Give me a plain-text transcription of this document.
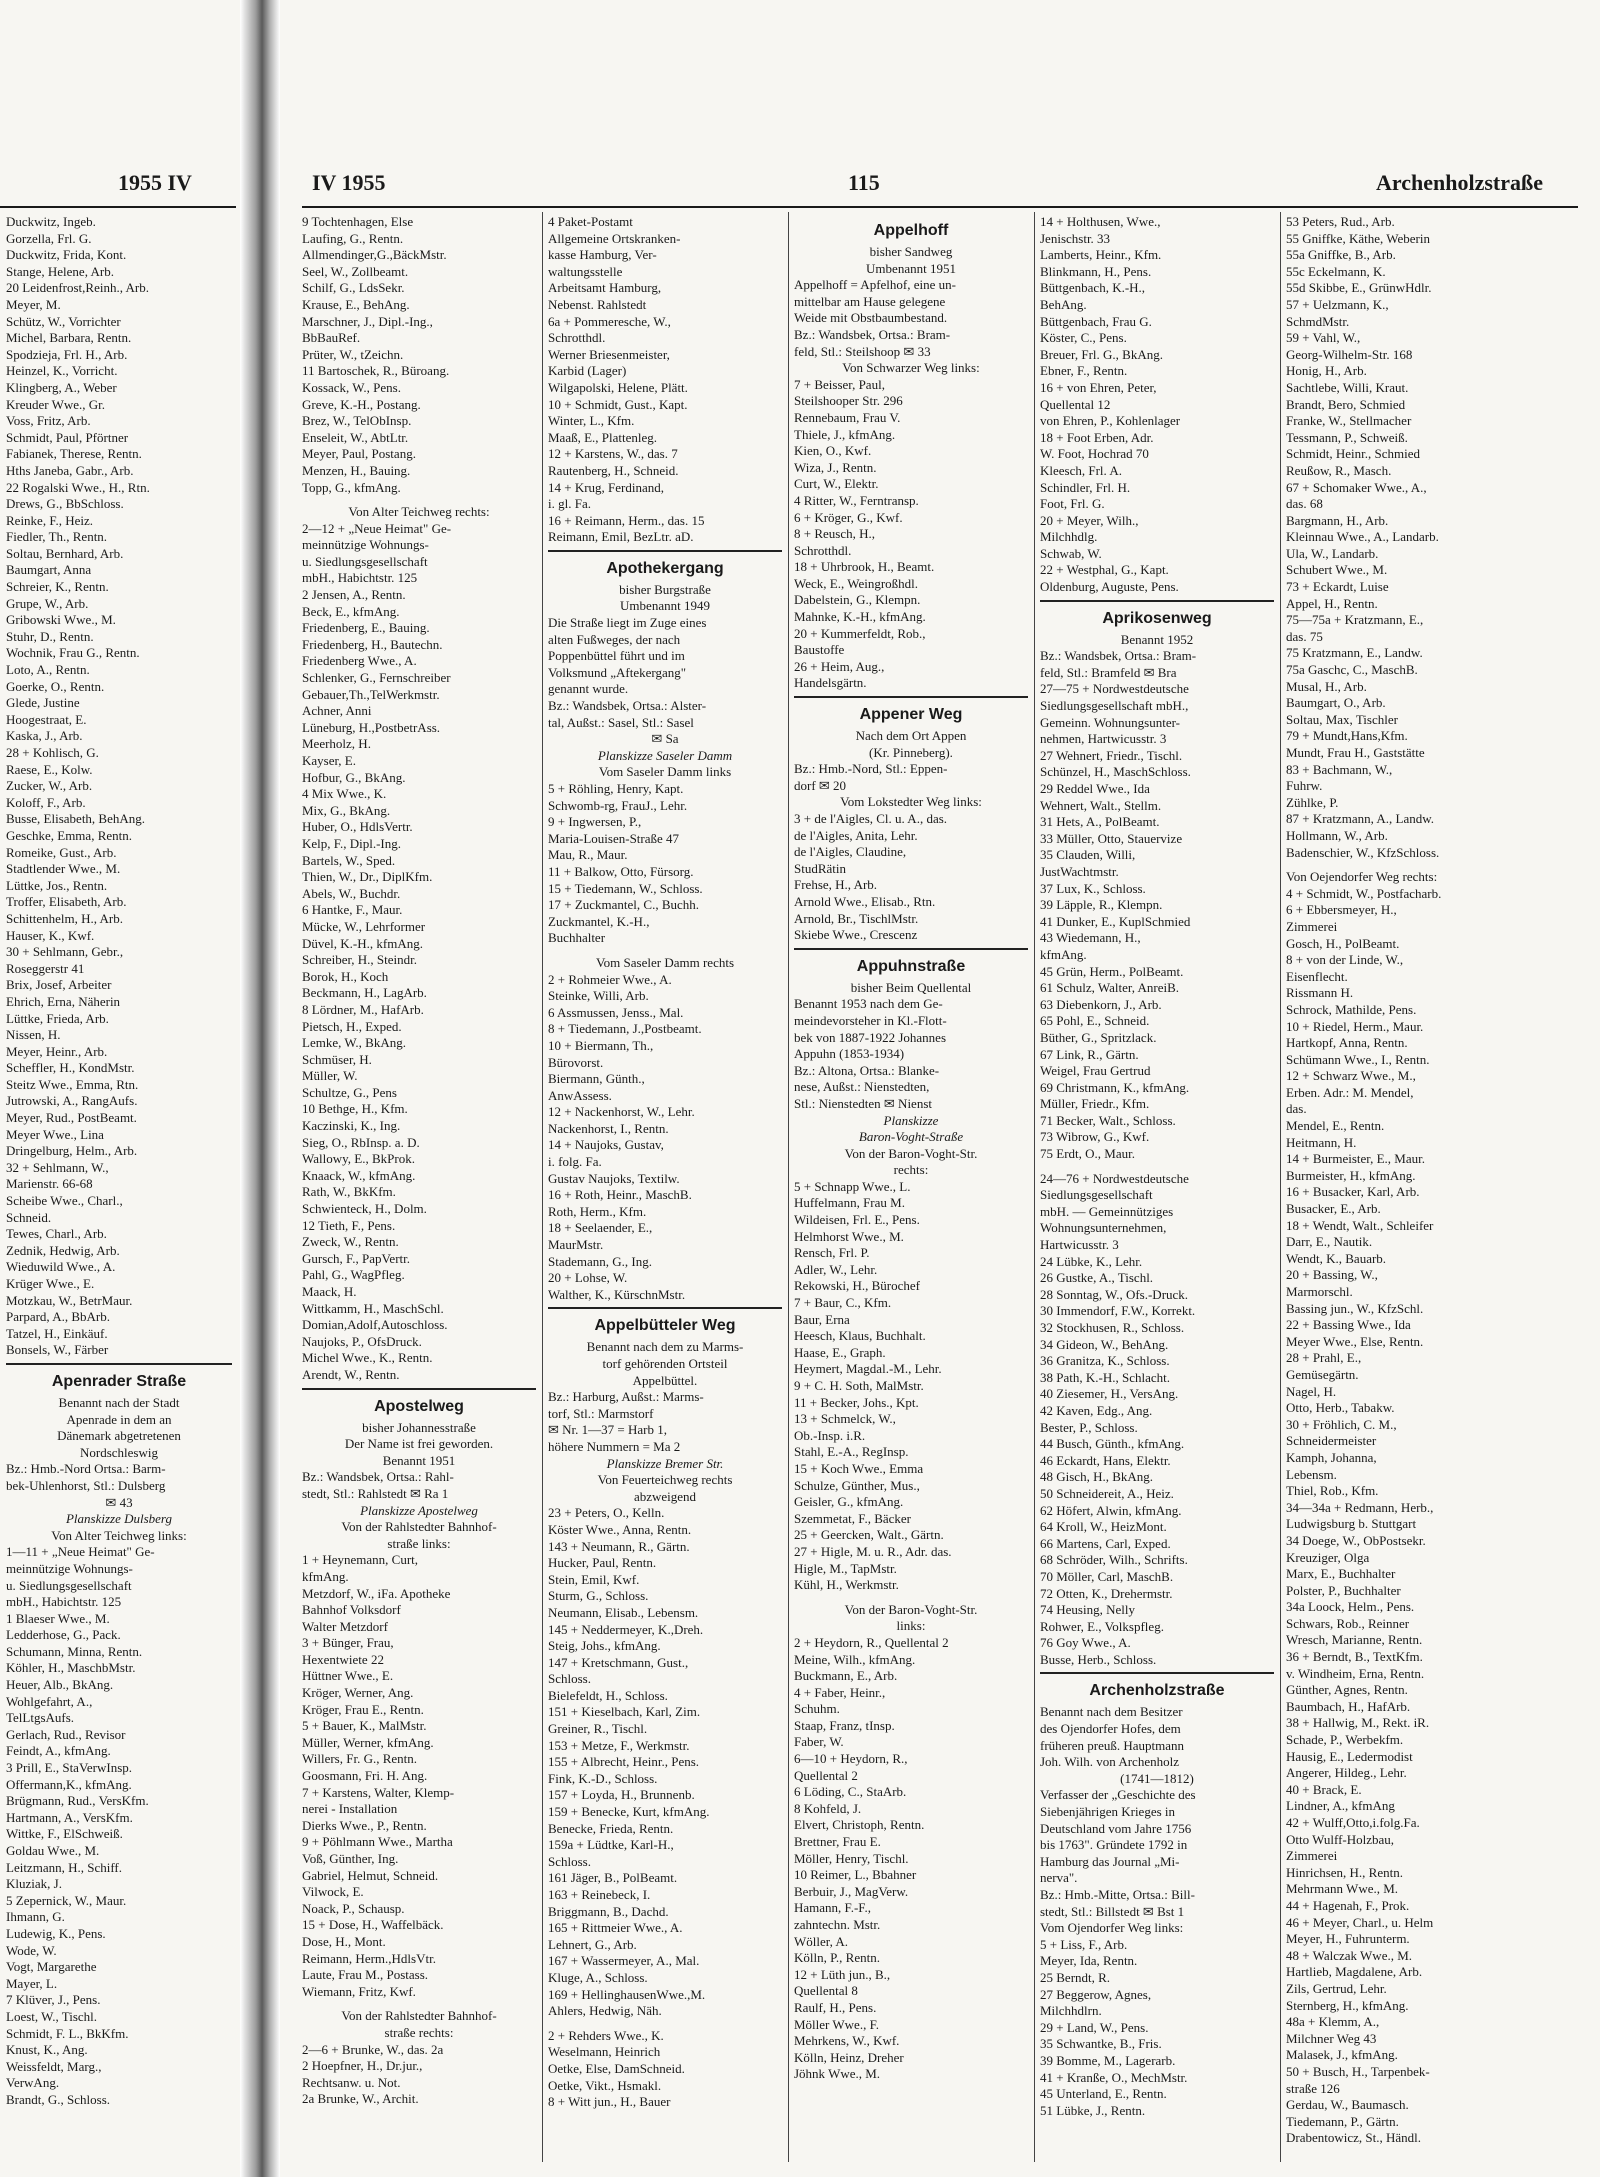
1955 IV

Duckwitz, Ingeb.

Gorzella, Frl. G.

Duckwitz, Frida, Kont.

Stange, Helene, Arb.

20 Leidenfrost,Reinh., Arb.

Meyer, M.

Schütz, W., Vorrichter

Michel, Barbara, Rentn.

Spodzieja, Frl. H., Arb.

Heinzel, K., Vorricht.

Klingberg, A., Weber

Kreuder Wwe., Gr.

Voss, Fritz, Arb.

Schmidt, Paul, Pförtner

Fabianek, Therese, Rentn.

Hths Janeba, Gabr., Arb.

22 Rogalski Wwe., H., Rtn.

Drews, G., BbSchloss.

Reinke, F., Heiz.

Fiedler, Th., Rentn.

Soltau, Bernhard, Arb.

Baumgart, Anna

Schreier, K., Rentn.

Grupe, W., Arb.

Gribowski Wwe., M.

Stuhr, D., Rentn.

Wochnik, Frau G., Rentn.

Loto, A., Rentn.

Goerke, O., Rentn.

Glede, Justine

Hoogestraat, E.

Kaska, J., Arb.

28 + Kohlisch, G.

Raese, E., Kolw.

Zucker, W., Arb.

Koloff, F., Arb.

Busse, Elisabeth, BehAng.

Geschke, Emma, Rentn.

Romeike, Gust., Arb.

Stadtlender Wwe., M.

Lüttke, Jos., Rentn.

Troffer, Elisabeth, Arb.

Schittenhelm, H., Arb.

Hauser, K., Kwf.

30 + Sehlmann, Gebr.,

Roseggerstr 41

Brix, Josef, Arbeiter

Ehrich, Erna, Näherin

Lüttke, Frieda, Arb.

Nissen, H.

Meyer, Heinr., Arb.

Scheffler, H., KondMstr.

Steitz Wwe., Emma, Rtn.

Jutrowski, A., RangAufs.

Meyer, Rud., PostBeamt.

Meyer Wwe., Lina

Dringelburg, Helm., Arb.

32 + Sehlmann, W.,

Marienstr. 66-68

Scheibe Wwe., Charl.,

Schneid.

Tewes, Charl., Arb.

Zednik, Hedwig, Arb.

Wieduwild Wwe., A.

Krüger Wwe., E.

Motzkau, W., BetrMaur.

Parpard, A., BbArb.

Tatzel, H., Einkäuf.

Bonsels, W., Färber

Apenrader Straße

Benannt nach der Stadt

Apenrade in dem an

Dänemark abgetretenen

Nordschleswig

Bz.: Hmb.-Nord Ortsa.: Barm-

bek-Uhlenhorst, Stl.: Dulsberg

✉ 43

Planskizze Dulsberg

Von Alter Teichweg links:

1—11 + „Neue Heimat" Ge-

meinnützige Wohnungs-

u. Siedlungsgesellschaft

mbH., Habichtstr. 125

1 Blaeser Wwe., M.

Ledderhose, G., Pack.

Schumann, Minna, Rentn.

Köhler, H., MaschbMstr.

Heuer, Alb., BkAng.

Wohlgefahrt, A.,

TelLtgsAufs.

Gerlach, Rud., Revisor

Feindt, A., kfmAng.

3 Prill, E., StaVerwInsp.

Offermann,K., kfmAng.

Brügmann, Rud., VersKfm.

Hartmann, A., VersKfm.

Wittke, F., ElSchweiß.

Goldau Wwe., M.

Leitzmann, H., Schiff.

Kluziak, J.

5 Zepernick, W., Maur.

Ihmann, G.

Ludewig, K., Pens.

Wode, W.

Vogt, Margarethe

Mayer, L.

7 Klüver, J., Pens.

Loest, W., Tischl.

Schmidt, F. L., BkKfm.

Knust, K., Ang.

Weissfeldt, Marg.,

VerwAng.

Brandt, G., Schloss.

IV 1955	115	Archenholzstraße

9 Tochtenhagen, Else

Laufing, G., Rentn.

Allmendinger,G.,BäckMstr.

Seel, W., Zollbeamt.

Schilf, G., LdsSekr.

Krause, E., BehAng.

Marschner, J., Dipl.-Ing.,

BbBauRef.

Prüter, W., tZeichn.

11 Bartoschek, R., Büroang.

Kossack, W., Pens.

Greve, K.-H., Postang.

Brez, W., TelObInsp.

Enseleit, W., AbtLtr.

Meyer, Paul, Postang.

Menzen, H., Bauing.

Topp, G., kfmAng.

Von Alter Teichweg rechts:

2—12 + „Neue Heimat" Ge-

meinnützige Wohnungs-

u. Siedlungsgesellschaft

mbH., Habichtstr. 125

2 Jensen, A., Rentn.

Beck, E., kfmAng.

Friedenberg, E., Bauing.

Friedenberg, H., Bautechn.

Friedenberg Wwe., A.

Schlenker, G., Fernschreiber

Gebauer,Th.,TelWerkmstr.

Achner, Anni

Lüneburg, H.,PostbetrAss.

Meerholz, H.

Kayser, E.

Hofbur, G., BkAng.

4 Mix Wwe., K.

Mix, G., BkAng.

Huber, O., HdlsVertr.

Kelp, F., Dipl.-Ing.

Bartels, W., Sped.

Thien, W., Dr., DiplKfm.

Abels, W., Buchdr.

6 Hantke, F., Maur.

Mücke, W., Lehrformer

Düvel, K.-H., kfmAng.

Schreiber, H., Steindr.

Borok, H., Koch

Beckmann, H., LagArb.

8 Lördner, M., HafArb.

Pietsch, H., Exped.

Lemke, W., BkAng.

Schmüser, H.

Müller, W.

Schultze, G., Pens

10 Bethge, H., Kfm.

Kaczinski, K., Ing.

Sieg, O., RbInsp. a. D.

Wallowy, E., BkProk.

Knaack, W., kfmAng.

Rath, W., BkKfm.

Schwienteck, H., Dolm.

12 Tieth, F., Pens.

Zweck, W., Rentn.

Gursch, F., PapVertr.

Pahl, G., WagPfleg.

Maack, H.

Wittkamm, H., MaschSchl.

Domian,Adolf,Autoschloss.

Naujoks, P., OfsDruck.

Michel Wwe., K., Rentn.

Arendt, W., Rentn.

Apostelweg

bisher Johannesstraße

Der Name ist frei geworden.

Benannt 1951

Bz.: Wandsbek, Ortsa.: Rahl-

stedt, Stl.: Rahlstedt ✉ Ra 1

Planskizze Apostelweg

Von der Rahlstedter Bahnhof-

straße links:

1 + Heynemann, Curt,

kfmAng.

Metzdorf, W., iFa. Apotheke

Bahnhof Volksdorf

Walter Metzdorf

3 + Bünger, Frau,

Hexentwiete 22

Hüttner Wwe., E.

Kröger, Werner, Ang.

Kröger, Frau E., Rentn.

5 + Bauer, K., MalMstr.

Müller, Werner, kfmAng.

Willers, Fr. G., Rentn.

Goosmann, Fri. H. Ang.

7 + Karstens, Walter, Klemp-

nerei - Installation

Dierks Wwe., P., Rentn.

9 + Pöhlmann Wwe., Martha

Voß, Günther, Ing.

Gabriel, Helmut, Schneid.

Vilwock, E.

Noack, P., Schausp.

15 + Dose, H., Waffelbäck.

Dose, H., Mont.

Reimann, Herm.,HdlsVtr.

Laute, Frau M., Postass.

Wiemann, Fritz, Kwf.

Von der Rahlstedter Bahnhof-

straße rechts:

2—6 + Brunke, W., das. 2a

2 Hoepfner, H., Dr.jur.,

Rechtsanw. u. Not.

2a Brunke, W., Archit.

4 Paket-Postamt

Allgemeine Ortskranken-

kasse Hamburg, Ver-

waltungsstelle

Arbeitsamt Hamburg,

Nebenst. Rahlstedt

6a + Pommeresche, W.,

Schrotthdl.

Werner Briesenmeister,

Karbid (Lager)

Wilgapolski, Helene, Plätt.

10 + Schmidt, Gust., Kapt.

Winter, L., Kfm.

Maaß, E., Plattenleg.

12 + Karstens, W., das. 7

Rautenberg, H., Schneid.

14 + Krug, Ferdinand,

i. gl. Fa.

16 + Reimann, Herm., das. 15

Reimann, Emil, BezLtr. aD.

Apothekergang

bisher Burgstraße

Umbenannt 1949

Die Straße liegt im Zuge eines

alten Fußweges, der nach

Poppenbüttel führt und im

Volksmund „Aftekergang"

genannt wurde.

Bz.: Wandsbek, Ortsa.: Alster-

tal, Außst.: Sasel, Stl.: Sasel

✉ Sa

Planskizze Saseler Damm

Vom Saseler Damm links

5 + Röhling, Henry, Kapt.

Schwomb-rg, FrauJ., Lehr.

9 + Ingwersen, P.,

Maria-Louisen-Straße 47

Mau, R., Maur.

11 + Balkow, Otto, Fürsorg.

15 + Tiedemann, W., Schloss.

17 + Zuckmantel, C., Buchh.

Zuckmantel, K.-H.,

Buchhalter

Vom Saseler Damm rechts

2 + Rohmeier Wwe., A.

Steinke, Willi, Arb.

6 Assmussen, Jenss., Mal.

8 + Tiedemann, J.,Postbeamt.

10 + Biermann, Th.,

Bürovorst.

Biermann, Günth.,

AnwAssess.

12 + Nackenhorst, W., Lehr.

Nackenhorst, I., Rentn.

14 + Naujoks, Gustav,

i. folg. Fa.

Gustav Naujoks, Textilw.

16 + Roth, Heinr., MaschB.

Roth, Herm., Kfm.

18 + Seelaender, E.,

MaurMstr.

Stademann, G., Ing.

20 + Lohse, W.

Walther, K., KürschnMstr.

Appelbütteler Weg

Benannt nach dem zu Marms-

torf gehörenden Ortsteil

Appelbüttel.

Bz.: Harburg, Außst.: Marms-

torf, Stl.: Marmstorf

✉ Nr. 1—37 = Harb 1,

höhere Nummern = Ma 2

Planskizze Bremer Str.

Von Feuerteichweg rechts

abzweigend

23 + Peters, O., Kelln.

Köster Wwe., Anna, Rentn.

143 + Neumann, R., Gärtn.

Hucker, Paul, Rentn.

Stein, Emil, Kwf.

Sturm, G., Schloss.

Neumann, Elisab., Lebensm.

145 + Neddermeyer, K.,Dreh.

Steig, Johs., kfmAng.

147 + Kretschmann, Gust.,

Schloss.

Bielefeldt, H., Schloss.

151 + Kieselbach, Karl, Zim.

Greiner, R., Tischl.

153 + Metze, F., Werkmstr.

155 + Albrecht, Heinr., Pens.

Fink, K.-D., Schloss.

157 + Loyda, H., Brunnenb.

159 + Benecke, Kurt, kfmAng.

Benecke, Frieda, Rentn.

159a + Lüdtke, Karl-H.,

Schloss.

161 Jäger, B., PolBeamt.

163 + Reinebeck, I.

Briggmann, B., Dachd.

165 + Rittmeier Wwe., A.

Lehnert, G., Arb.

167 + Wassermeyer, A., Mal.

Kluge, A., Schloss.

169 + HellinghausenWwe.,M.

Ahlers, Hedwig, Näh.

2 + Rehders Wwe., K.

Weselmann, Heinrich

Oetke, Else, DamSchneid.

Oetke, Vikt., Hsmakl.

8 + Witt jun., H., Bauer

Appelhoff

bisher Sandweg

Umbenannt 1951

Appelhoff = Apfelhof, eine un-

mittelbar am Hause gelegene

Weide mit Obstbaumbestand.

Bz.: Wandsbek, Ortsa.: Bram-

feld, Stl.: Steilshoop ✉ 33

Von Schwarzer Weg links:

7 + Beisser, Paul,

Steilshooper Str. 296

Rennebaum, Frau V.

Thiele, J., kfmAng.

Kien, O., Kwf.

Wiza, J., Rentn.

Curt, W., Elektr.

4 Ritter, W., Ferntransp.

6 + Kröger, G., Kwf.

8 + Reusch, H.,

Schrotthdl.

18 + Uhrbrook, H., Beamt.

Weck, E., Weingroßhdl.

Dabelstein, G., Klempn.

Mahnke, K.-H., kfmAng.

20 + Kummerfeldt, Rob.,

Baustoffe

26 + Heim, Aug.,

Handelsgärtn.

Appener Weg

Nach dem Ort Appen

(Kr. Pinneberg).

Bz.: Hmb.-Nord, Stl.: Eppen-

dorf ✉ 20

Vom Lokstedter Weg links:

3 + de l'Aigles, Cl. u. A., das.

de l'Aigles, Anita, Lehr.

de l'Aigles, Claudine,

StudRätin

Frehse, H., Arb.

Arnold Wwe., Elisab., Rtn.

Arnold, Br., TischlMstr.

Skiebe Wwe., Crescenz

Appuhnstraße

bisher Beim Quellental

Benannt 1953 nach dem Ge-

meindevorsteher in Kl.-Flott-

bek von 1887-1922 Johannes

Appuhn (1853-1934)

Bz.: Altona, Ortsa.: Blanke-

nese, Außst.: Nienstedten,

Stl.: Nienstedten ✉ Nienst

Planskizze

Baron-Voght-Straße

Von der Baron-Voght-Str.

rechts:

5 + Schnapp Wwe., L.

Huffelmann, Frau M.

Wildeisen, Frl. E., Pens.

Helmhorst Wwe., M.

Rensch, Frl. P.

Adler, W., Lehr.

Rekowski, H., Bürochef

7 + Baur, C., Kfm.

Baur, Erna

Heesch, Klaus, Buchhalt.

Haase, E., Graph.

Heymert, Magdal.-M., Lehr.

9 + C. H. Soth, MalMstr.

11 + Becker, Johs., Kpt.

13 + Schmelck, W.,

Ob.-Insp. i.R.

Stahl, E.-A., RegInsp.

15 + Koch Wwe., Emma

Schulze, Günther, Mus.,

Geisler, G., kfmAng.

Szemmetat, F., Bäcker

25 + Geercken, Walt., Gärtn.

27 + Higle, M. u. R., Adr. das.

Higle, M., TapMstr.

Kühl, H., Werkmstr.

Von der Baron-Voght-Str.

links:

2 + Heydorn, R., Quellental 2

Meine, Wilh., kfmAng.

Buckmann, E., Arb.

4 + Faber, Heinr.,

Schuhm.

Staap, Franz, tInsp.

Faber, W.

6—10 + Heydorn, R.,

Quellental 2

6 Löding, C., StaArb.

8 Kohfeld, J.

Elvert, Christoph, Rentn.

Brettner, Frau E.

Möller, Henry, Tischl.

10 Reimer, L., Bbahner

Berbuir, J., MagVerw.

Hamann, F.-F.,

zahntechn. Mstr.

Wöller, A.

Kölln, P., Rentn.

12 + Lüth jun., B.,

Quellental 8

Raulf, H., Pens.

Möller Wwe., F.

Mehrkens, W., Kwf.

Kölln, Heinz, Dreher

Jöhnk Wwe., M.

14 + Holthusen, Wwe.,

Jenischstr. 33

Lamberts, Heinr., Kfm.

Blinkmann, H., Pens.

Büttgenbach, K.-H.,

BehAng.

Büttgenbach, Frau G.

Köster, C., Pens.

Breuer, Frl. G., BkAng.

Ebner, F., Rentn.

16 + von Ehren, Peter,

Quellental 12

von Ehren, P., Kohlenlager

18 + Foot Erben, Adr.

W. Foot, Hochrad 70

Kleesch, Frl. A.

Schindler, Frl. H.

Foot, Frl. G.

20 + Meyer, Wilh.,

Milchhdlg.

Schwab, W.

22 + Westphal, G., Kapt.

Oldenburg, Auguste, Pens.

Aprikosenweg

Benannt 1952

Bz.: Wandsbek, Ortsa.: Bram-

feld, Stl.: Bramfeld ✉ Bra

27—75 + Nordwestdeutsche

Siedlungsgesellschaft mbH.,

Gemeinn. Wohnungsunter-

nehmen, Hartwicusstr. 3

27 Wehnert, Friedr., Tischl.

Schünzel, H., MaschSchloss.

29 Reddel Wwe., Ida

Wehnert, Walt., Stellm.

31 Hets, A., PolBeamt.

33 Müller, Otto, Stauervize

35 Clauden, Willi,

JustWachtmstr.

37 Lux, K., Schloss.

39 Läpple, R., Klempn.

41 Dunker, E., KuplSchmied

43 Wiedemann, H.,

kfmAng.

45 Grün, Herm., PolBeamt.

61 Schulz, Walter, AnreiB.

63 Diebenkorn, J., Arb.

65 Pohl, E., Schneid.

Büther, G., Spritzlack.

67 Link, R., Gärtn.

Weigel, Frau Gertrud

69 Christmann, K., kfmAng.

Müller, Friedr., Kfm.

71 Becker, Walt., Schloss.

73 Wibrow, G., Kwf.

75 Erdt, O., Maur.

24—76 + Nordwestdeutsche

Siedlungsgesellschaft

mbH. — Gemeinnütziges

Wohnungsunternehmen,

Hartwicusstr. 3

24 Lübke, K., Lehr.

26 Gustke, A., Tischl.

28 Sonntag, W., Ofs.-Druck.

30 Immendorf, F.W., Korrekt.

32 Stockhusen, R., Schloss.

34 Gideon, W., BehAng.

36 Granitza, K., Schloss.

38 Path, K.-H., Schlacht.

40 Ziesemer, H., VersAng.

42 Kaven, Edg., Ang.

Bester, P., Schloss.

44 Busch, Günth., kfmAng.

46 Eckardt, Hans, Elektr.

48 Gisch, H., BkAng.

50 Schneidereit, A., Heiz.

62 Höfert, Alwin, kfmAng.

64 Kroll, W., HeizMont.

66 Martens, Carl, Exped.

68 Schröder, Wilh., Schrifts.

70 Möller, Carl, MaschB.

72 Otten, K., Drehermstr.

74 Heusing, Nelly

Rohwer, E., Volkspfleg.

76 Goy Wwe., A.

Busse, Herb., Schloss.

Archenholzstraße

Benannt nach dem Besitzer

des Ojendorfer Hofes, dem

früheren preuß. Hauptmann

Joh. Wilh. von Archenholz

(1741—1812)

Verfasser der „Geschichte des

Siebenjährigen Krieges in

Deutschland vom Jahre 1756

bis 1763". Gründete 1792 in

Hamburg das Journal „Mi-

nerva".

Bz.: Hmb.-Mitte, Ortsa.: Bill-

stedt, Stl.: Billstedt ✉ Bst 1

Vom Ojendorfer Weg links:

5 + Liss, F., Arb.

Meyer, Ida, Rentn.

25 Berndt, R.

27 Beggerow, Agnes,

Milchhdlrn.

29 + Land, W., Pens.

35 Schwantke, B., Fris.

39 Bomme, M., Lagerarb.

41 + Kranße, O., MechMstr.

45 Unterland, E., Rentn.

51 Lübke, J., Rentn.

53 Peters, Rud., Arb.

55 Gniffke, Käthe, Weberin

55a Gniffke, B., Arb.

55c Eckelmann, K.

55d Skibbe, E., GrünwHdlr.

57 + Uelzmann, K.,

SchmdMstr.

59 + Vahl, W.,

Georg-Wilhelm-Str. 168

Honig, H., Arb.

Sachtlebe, Willi, Kraut.

Brandt, Bero, Schmied

Franke, W., Stellmacher

Tessmann, P., Schweiß.

Schmidt, Heinr., Schmied

Reußow, R., Masch.

67 + Schomaker Wwe., A.,

das. 68

Bargmann, H., Arb.

Kleinnau Wwe., A., Landarb.

Ula, W., Landarb.

Schubert Wwe., M.

73 + Eckardt, Luise

Appel, H., Rentn.

75—75a + Kratzmann, E.,

das. 75

75 Kratzmann, E., Landw.

75a Gaschc, C., MaschB.

Musal, H., Arb.

Baumgart, O., Arb.

Soltau, Max, Tischler

79 + Mundt,Hans,Kfm.

Mundt, Frau H., Gaststätte

83 + Bachmann, W.,

Fuhrw.

Zühlke, P.

87 + Kratzmann, A., Landw.

Hollmann, W., Arb.

Badenschier, W., KfzSchloss.

Von Oejendorfer Weg rechts:

4 + Schmidt, W., Postfacharb.

6 + Ebbersmeyer, H.,

Zimmerei

Gosch, H., PolBeamt.

8 + von der Linde, W.,

Eisenflecht.

Rissmann H.

Schrock, Mathilde, Pens.

10 + Riedel, Herm., Maur.

Hartkopf, Anna, Rentn.

Schümann Wwe., I., Rentn.

12 + Schwarz Wwe., M.,

Erben. Adr.: M. Mendel,

das.

Mendel, E., Rentn.

Heitmann, H.

14 + Burmeister, E., Maur.

Burmeister, H., kfmAng.

16 + Busacker, Karl, Arb.

Busacker, E., Arb.

18 + Wendt, Walt., Schleifer

Darr, E., Nautik.

Wendt, K., Bauarb.

20 + Bassing, W.,

Marmorschl.

Bassing jun., W., KfzSchl.

22 + Bassing Wwe., Ida

Meyer Wwe., Else, Rentn.

28 + Prahl, E.,

Gemüsegärtn.

Nagel, H.

Otto, Herb., Tabakw.

30 + Fröhlich, C. M.,

Schneidermeister

Kamph, Johanna,

Lebensm.

Thiel, Rob., Kfm.

34—34a + Redmann, Herb.,

Ludwigsburg b. Stuttgart

34 Doege, W., ObPostsekr.

Kreuziger, Olga

Marx, E., Buchhalter

Polster, P., Buchhalter

34a Loock, Helm., Pens.

Schwars, Rob., Reinner

Wresch, Marianne, Rentn.

36 + Berndt, B., TextKfm.

v. Windheim, Erna, Rentn.

Günther, Agnes, Rentn.

Baumbach, H., HafArb.

38 + Hallwig, M., Rekt. iR.

Schade, P., Werbekfm.

Hausig, E., Ledermodist

Angerer, Hildeg., Lehr.

40 + Brack, E.

Lindner, A., kfmAng

42 + Wulff,Otto,i.folg.Fa.

Otto Wulff-Holzbau,

Zimmerei

Hinrichsen, H., Rentn.

Mehrmann Wwe., M.

44 + Hagenah, F., Prok.

46 + Meyer, Charl., u. Helm

Meyer, H., Fuhrunterm.

48 + Walczak Wwe., M.

Hartlieb, Magdalene, Arb.

Zils, Gertrud, Lehr.

Sternberg, H., kfmAng.

48a + Klemm, A.,

Milchner Weg 43

Malasek, J., kfmAng.

50 + Busch, H., Tarpenbek-

straße 126

Gerdau, W., Baumasch.

Tiedemann, P., Gärtn.

Drabentowicz, St., Händl.
